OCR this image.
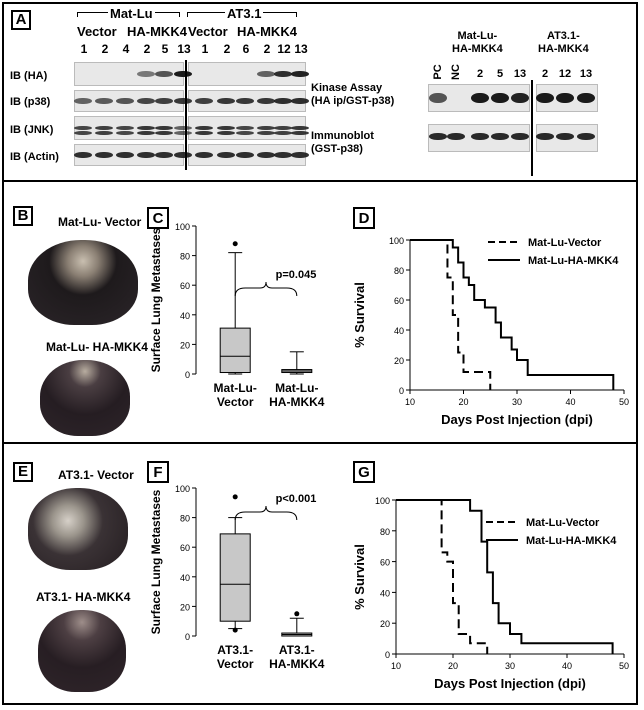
A	Mat-Lu	AT3.1
Vector HA-MKK4 Vector HA-MKK4
IB (HA)
IB (p38)
IB (JNK)
IB (Actin)
Mat-Lu-
HA-MKK4
AT3.1-
HA-MKK4
Kinase Assay
(HA ip/GST-p38)
Immunoblot
(GST-p38)
B	Mat-Lu- Vector
Mat-Lu- HA-MKK4
E	AT3.1- Vector
AT3.1- HA-MKK4
C
0
20
40
60
80
100
Surface Lung Metastases
Mat-Lu-
Vector
Mat-Lu-
HA-MKK4
p=0.045
D
0
20
40
60
80
100
10	20	30	40	50
% Survival
Days Post Injection (dpi)
Mat-Lu-Vector
Mat-Lu-HA-MKK4
F
0
20
40
60
80
100
Surface Lung Metastases
AT3.1-
Vector
AT3.1-
HA-MKK4
p<0.001
G
0
20
40
60
80
100
10	20	30	40	50
% Survival
Days Post Injection (dpi)
Mat-Lu-Vector
Mat-Lu-HA-MKK4
1	2	4	2 5 13 1	2	6	2 12 13
PC NC	2	5 13	2 12 13
